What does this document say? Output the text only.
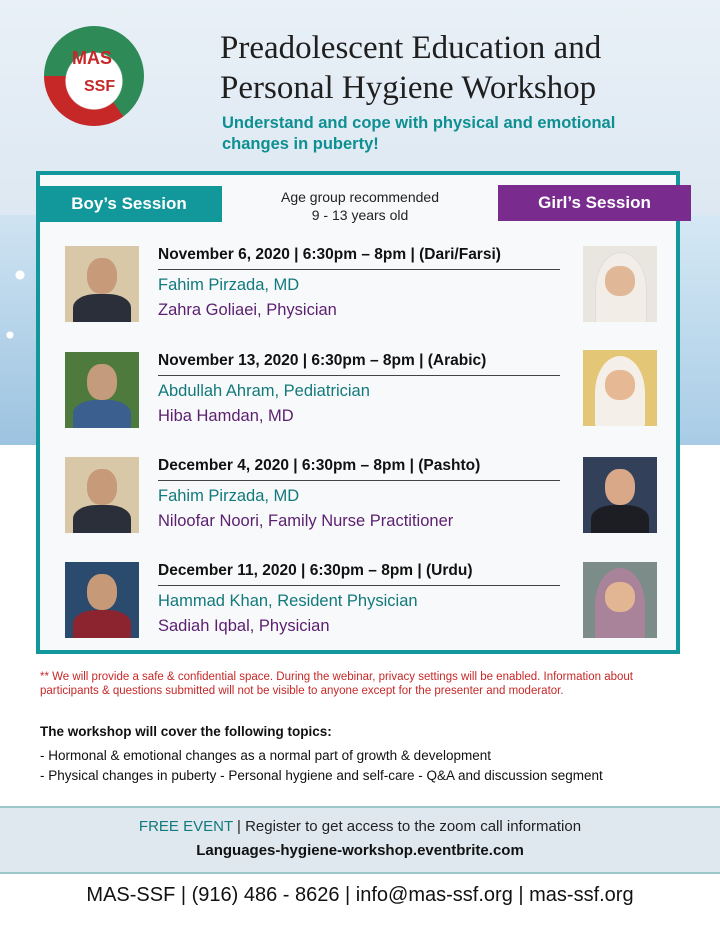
MAS
SSF
Preadolescent Education and
Personal Hygiene Workshop

Understand and cope with physical and emotional
changes in puberty!

Boy’s Session	Age group recommended
9 - 13 years old
Girl’s Session
November 6, 2020 | 6:30pm – 8pm | (Dari/Farsi)
Fahim Pirzada, MD
Zahra Goliaei, Physician
November 13, 2020 | 6:30pm – 8pm | (Arabic)
Abdullah Ahram, Pediatrician
Hiba Hamdan, MD
December 4, 2020 | 6:30pm – 8pm | (Pashto)
Fahim Pirzada, MD
Niloofar Noori, Family Nurse Practitioner
December 11, 2020 | 6:30pm – 8pm | (Urdu)
Hammad Khan, Resident Physician
Sadiah Iqbal, Physician

** We will provide a safe & confidential space. During the webinar, privacy settings will be enabled. Information about participants & questions submitted will not be visible to anyone except for the presenter and moderator.

The workshop will cover the following topics:

- Hormonal & emotional changes as a normal part of growth & development
- Physical changes in puberty - Personal hygiene and self-care - Q&A and discussion segment
FREE EVENT | Register to get access to the zoom call information
Languages-hygiene-workshop.eventbrite.com
MAS-SSF | (916) 486 - 8626 | info@mas-ssf.org | mas-ssf.org
